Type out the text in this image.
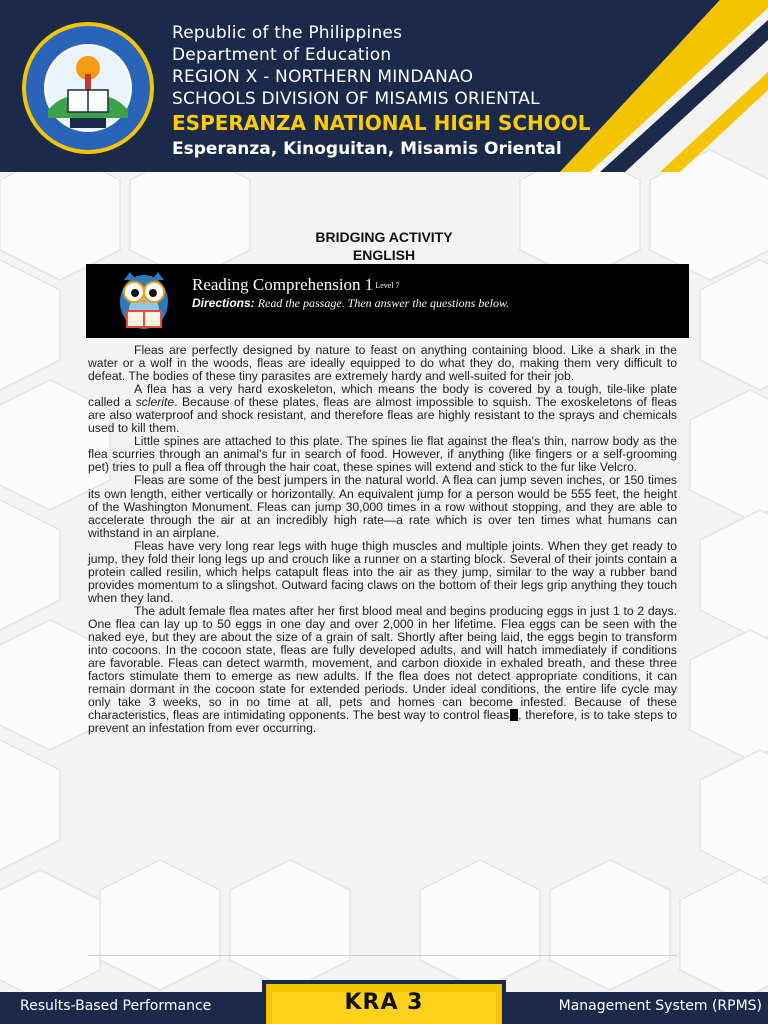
Republic of the Philippines
Department of Education
REGION X - NORTHERN MINDANAO
SCHOOLS DIVISION OF MISAMIS ORIENTAL
ESPERANZA NATIONAL HIGH SCHOOL
Esperanza, Kinoguitan, Misamis Oriental
BRIDGING ACTIVITY
ENGLISH
Reading Comprehension 1 Level 7
Directions: Read the passage. Then answer the questions below.

Fleas are perfectly designed by nature to feast on anything containing blood. Like a shark in the water or a wolf in the woods, fleas are ideally equipped to do what they do, making them very difficult to defeat. The bodies of these tiny parasites are extremely hardy and well-suited for their job.

A flea has a very hard exoskeleton, which means the body is covered by a tough, tile-like plate called a sclerite. Because of these plates, fleas are almost impossible to squish. The exoskeletons of fleas are also waterproof and shock resistant, and therefore fleas are highly resistant to the sprays and chemicals used to kill them.

Little spines are attached to this plate. The spines lie flat against the flea's thin, narrow body as the flea scurries through an animal's fur in search of food. However, if anything (like fingers or a self-grooming pet) tries to pull a flea off through the hair coat, these spines will extend and stick to the fur like Velcro.

Fleas are some of the best jumpers in the natural world. A flea can jump seven inches, or 150 times its own length, either vertically or horizontally. An equivalent jump for a person would be 555 feet, the height of the Washington Monument. Fleas can jump 30,000 times in a row without stopping, and they are able to accelerate through the air at an incredibly high rate—a rate which is over ten times what humans can withstand in an airplane.

Fleas have very long rear legs with huge thigh muscles and multiple joints. When they get ready to jump, they fold their long legs up and crouch like a runner on a starting block. Several of their joints contain a protein called resilin, which helps catapult fleas into the air as they jump, similar to the way a rubber band provides momentum to a slingshot. Outward facing claws on the bottom of their legs grip anything they touch when they land.

The adult female flea mates after her first blood meal and begins producing eggs in just 1 to 2 days. One flea can lay up to 50 eggs in one day and over 2,000 in her lifetime. Flea eggs can be seen with the naked eye, but they are about the size of a grain of salt. Shortly after being laid, the eggs begin to transform into cocoons. In the cocoon state, fleas are fully developed adults, and will hatch immediately if conditions are favorable. Fleas can detect warmth, movement, and carbon dioxide in exhaled breath, and these three factors stimulate them to emerge as new adults. If the flea does not detect appropriate conditions, it can remain dormant in the cocoon state for extended periods. Under ideal conditions, the entire life cycle may only take 3 weeks, so in no time at all, pets and homes can become infested. Because of these characteristics, fleas are intimidating opponents. The best way to control fleas , therefore, is to take steps to prevent an infestation from ever occurring.

Results-Based Performance	Management System (RPMS)
KRA 3
